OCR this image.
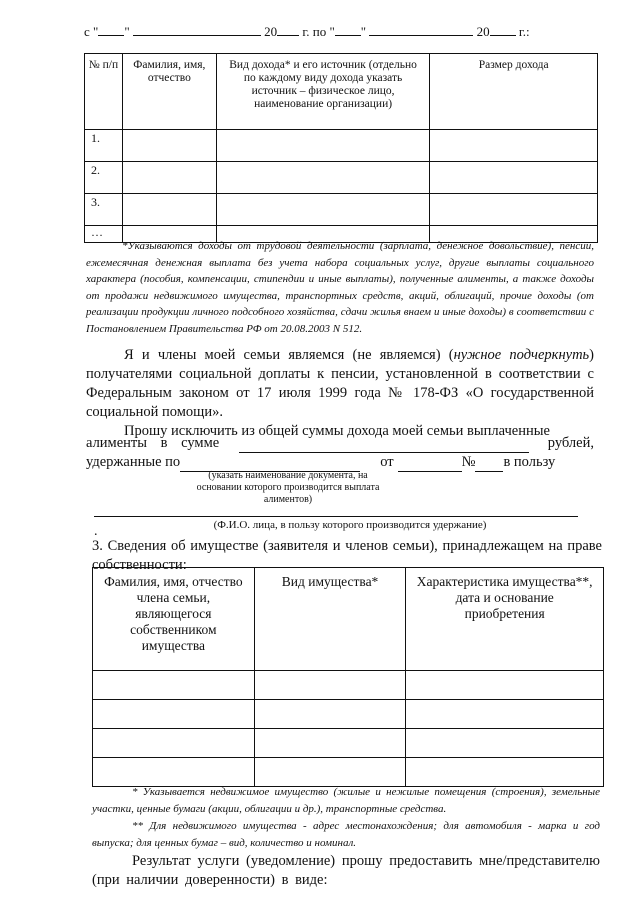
с " "	20 г. по " "	20 г.:
№ п/п	Фамилия, имя, отчество	Вид дохода* и его источник (отдельно по каждому виду дохода указать источник – физическое лицо, наименование организации)	Размер дохода
1.			
2.			
3.			
…			
*Указываются доходы от трудовой деятельности (зарплата, денежное довольствие), пенсии, ежемесячная денежная выплата без учета набора социальных услуг, другие выплаты социального характера (пособия, компенсации, стипендии и иные выплаты), полученные алименты, а также доходы от продажи недвижимого имущества, транспортных средств, акций, облигаций, прочие доходы (от реализации продукции личного подсобного хозяйства, сдачи жилья внаем и иные доходы) в соответствии с Постановлением Правительства РФ от 20.08.2003 N 512.
Я и члены моей семьи являемся (не являемся) (нужное подчеркнуть) получателями социальной доплаты к пенсии, установленной в соответствии с Федеральным законом от 17 июля 1999 года № 178-ФЗ «О государственной социальной помощи».
Прошу исключить из общей суммы дохода моей семьи выплаченные
алименты в сумме	рублей,
удержанные по	от	№ в пользу
(указать наименование документа, на основании которого производится выплата алиментов)
.	(Ф.И.О. лица, в пользу которого производится удержание)
3. Сведения об имуществе (заявителя и членов семьи), принадлежащем на праве собственности:
Фамилия, имя, отчество члена семьи, являющегося собственником имущества	Вид имущества*	Характеристика имущества**, дата и основание приобретения

* Указывается недвижимое имущество (жилые и нежилые помещения (строения), земельные участки, ценные бумаги (акции, облигации и др.), транспортные средства.
** Для недвижимого имущества - адрес местонахождения; для автомобиля - марка и год выпуска; для ценных бумаг – вид, количество и номинал.
Результат услуги (уведомление) прошу предоставить мне/представителю (при наличии доверенности) в виде:
